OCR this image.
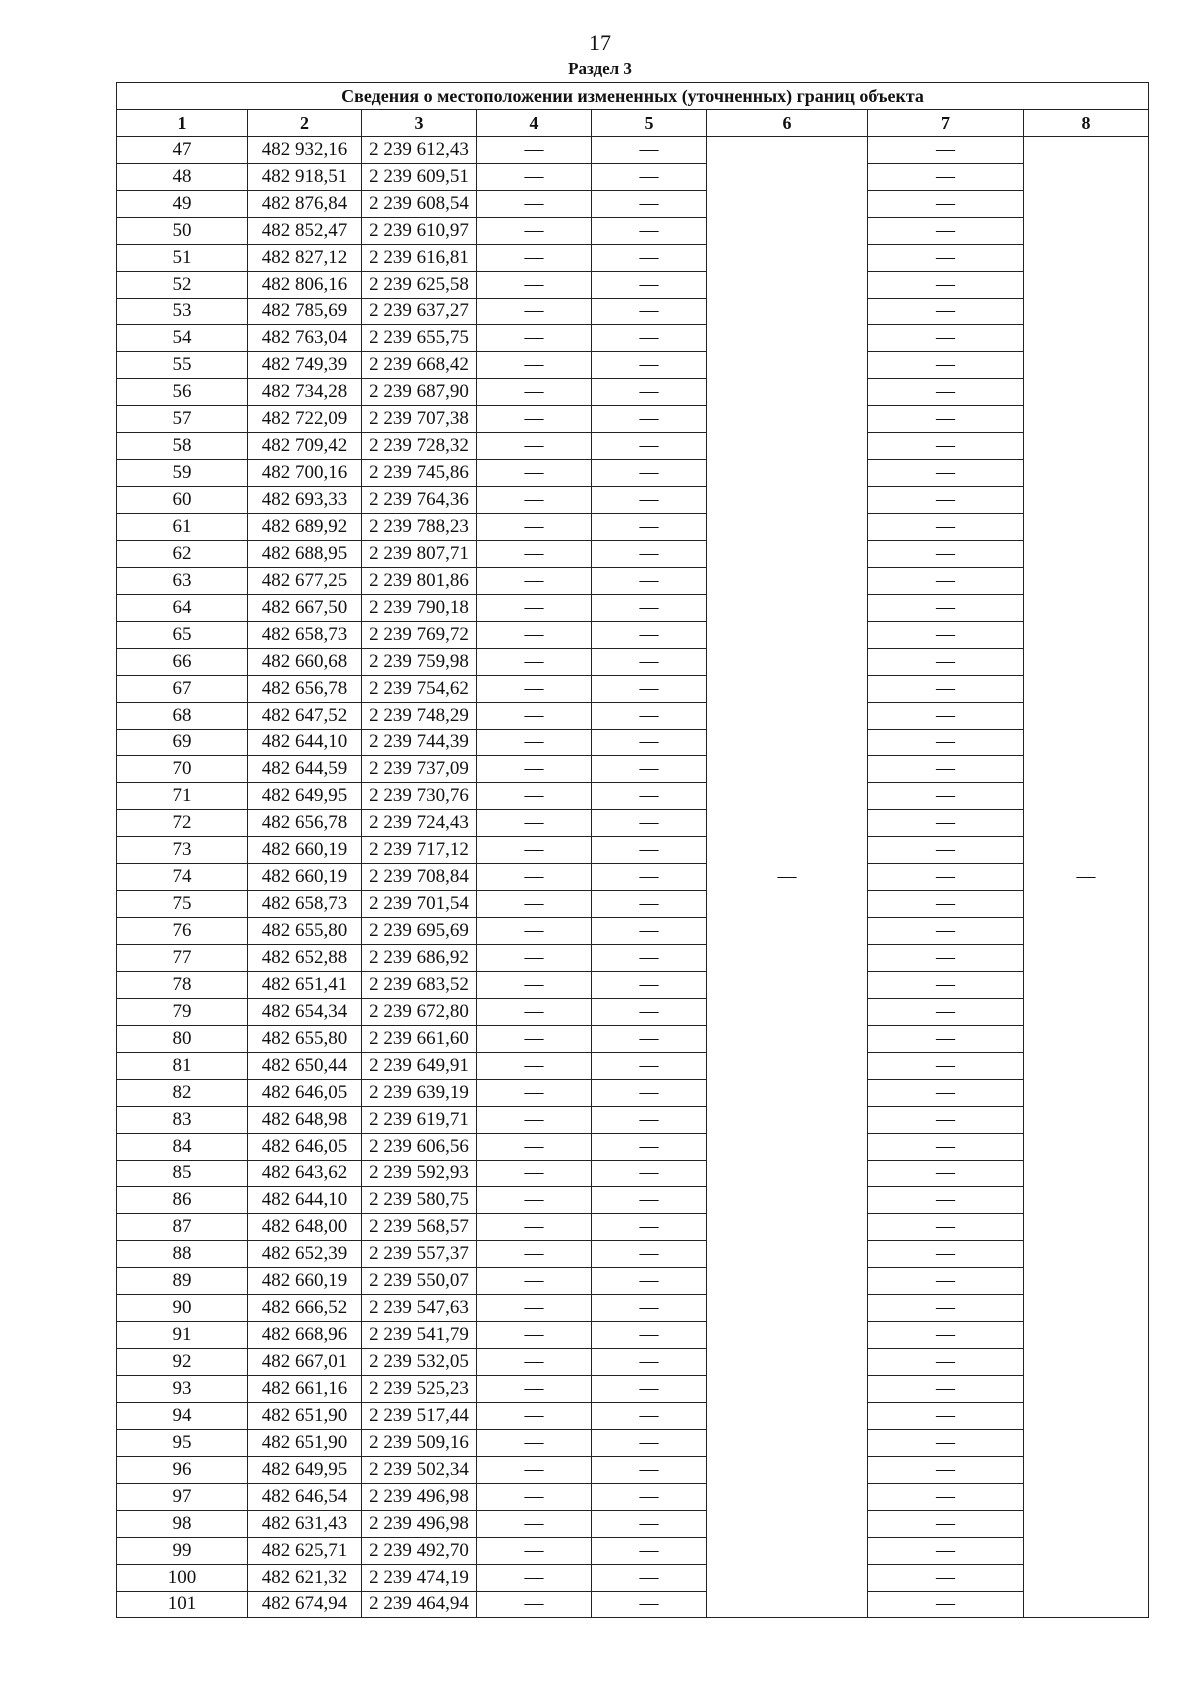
17
Раздел 3
Сведения о местоположении измененных (уточненных) границ объекта							
1	2	3	4	5	6	7	8
47	482 932,16	2 239 612,43	—	—	—	—	—
48	482 918,51	2 239 609,51	—	—		—	
49	482 876,84	2 239 608,54	—	—		—	
50	482 852,47	2 239 610,97	—	—		—	
51	482 827,12	2 239 616,81	—	—		—	
52	482 806,16	2 239 625,58	—	—		—	
53	482 785,69	2 239 637,27	—	—		—	
54	482 763,04	2 239 655,75	—	—		—	
55	482 749,39	2 239 668,42	—	—		—	
56	482 734,28	2 239 687,90	—	—		—	
57	482 722,09	2 239 707,38	—	—		—	
58	482 709,42	2 239 728,32	—	—		—	
59	482 700,16	2 239 745,86	—	—		—	
60	482 693,33	2 239 764,36	—	—		—	
61	482 689,92	2 239 788,23	—	—		—	
62	482 688,95	2 239 807,71	—	—		—	
63	482 677,25	2 239 801,86	—	—		—	
64	482 667,50	2 239 790,18	—	—		—	
65	482 658,73	2 239 769,72	—	—		—	
66	482 660,68	2 239 759,98	—	—		—	
67	482 656,78	2 239 754,62	—	—		—	
68	482 647,52	2 239 748,29	—	—		—	
69	482 644,10	2 239 744,39	—	—		—	
70	482 644,59	2 239 737,09	—	—		—	
71	482 649,95	2 239 730,76	—	—		—	
72	482 656,78	2 239 724,43	—	—		—	
73	482 660,19	2 239 717,12	—	—		—	
74	482 660,19	2 239 708,84	—	—		—	
75	482 658,73	2 239 701,54	—	—		—	
76	482 655,80	2 239 695,69	—	—		—	
77	482 652,88	2 239 686,92	—	—		—	
78	482 651,41	2 239 683,52	—	—		—	
79	482 654,34	2 239 672,80	—	—		—	
80	482 655,80	2 239 661,60	—	—		—	
81	482 650,44	2 239 649,91	—	—		—	
82	482 646,05	2 239 639,19	—	—		—	
83	482 648,98	2 239 619,71	—	—		—	
84	482 646,05	2 239 606,56	—	—		—	
85	482 643,62	2 239 592,93	—	—		—	
86	482 644,10	2 239 580,75	—	—		—	
87	482 648,00	2 239 568,57	—	—		—	
88	482 652,39	2 239 557,37	—	—		—	
89	482 660,19	2 239 550,07	—	—		—	
90	482 666,52	2 239 547,63	—	—		—	
91	482 668,96	2 239 541,79	—	—		—	
92	482 667,01	2 239 532,05	—	—		—	
93	482 661,16	2 239 525,23	—	—		—	
94	482 651,90	2 239 517,44	—	—		—	
95	482 651,90	2 239 509,16	—	—		—	
96	482 649,95	2 239 502,34	—	—		—	
97	482 646,54	2 239 496,98	—	—		—	
98	482 631,43	2 239 496,98	—	—		—	
99	482 625,71	2 239 492,70	—	—		—	
100	482 621,32	2 239 474,19	—	—		—	
101	482 674,94	2 239 464,94	—	—		—	
